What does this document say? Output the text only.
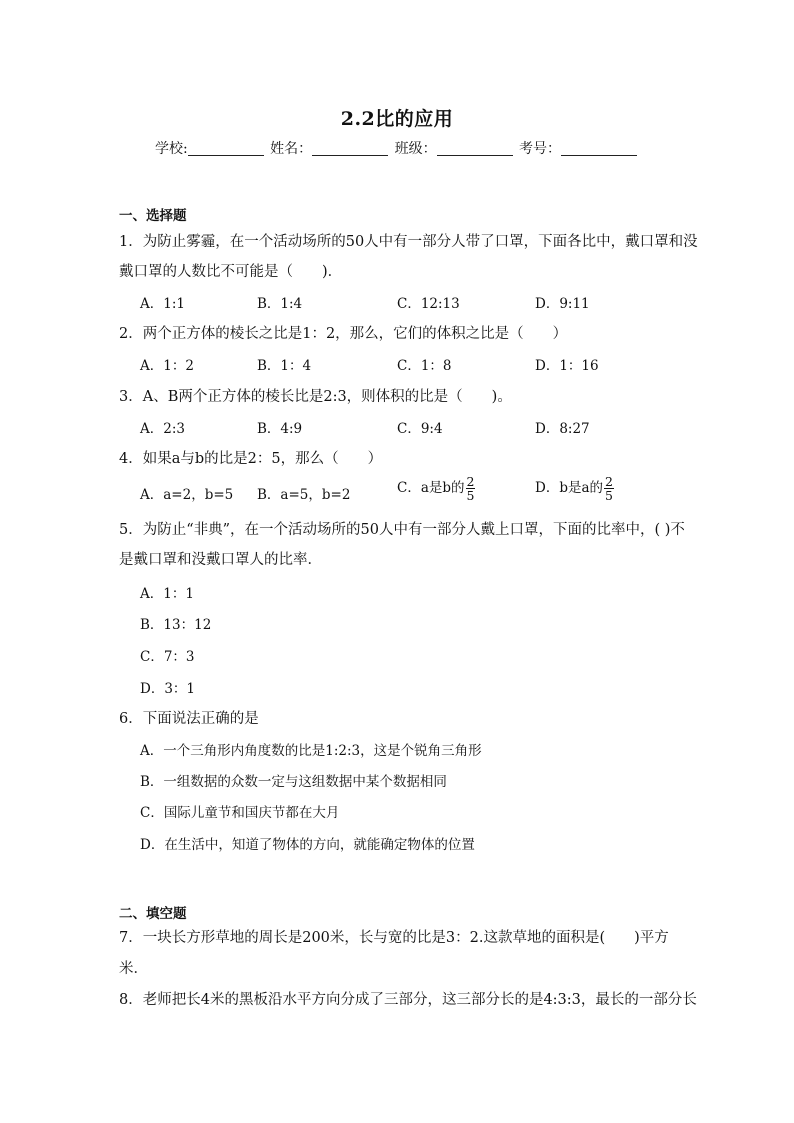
2.2比的应用
学校:	姓名：	班级：	考号：
一、选择题
1．为防止雾霾，在一个活动场所的50人中有一部分人带了口罩，下面各比中，戴口罩和没
戴口罩的人数比不可能是（　　)．
A．1:1	B．1:4	C．12:13	D．9:11
2．两个正方体的棱长之比是1：2，那么，它们的体积之比是（　　）
A．1：2	B．1：4	C．1：8	D．1：16
3．A、B两个正方体的棱长比是2:3，则体积的比是（　　)。
A．2:3	B．4:9	C．9:4	D．8:27
4．如果a与b的比是2：5，那么（　　）
A．a=2，b=5 B．a=5，b=2	C．a是b的 $\frac{2}{5}$	D．b是a的 $\frac{2}{5}$
5．为防止“非典”，在一个活动场所的50人中有一部分人戴上口罩，下面的比率中，( )不
是戴口罩和没戴口罩人的比率．
A．1：1
B．13：12
C．7：3
D．3：1
6．下面说法正确的是
A．一个三角形内角度数的比是1:2:3，这是个锐角三角形
B．一组数据的众数一定与这组数据中某个数据相同
C．国际儿童节和国庆节都在大月
D．在生活中，知道了物体的方向，就能确定物体的位置
二、填空题
7．一块长方形草地的周长是200米，长与宽的比是3：2.这款草地的面积是(　　)平方
米．
8．老师把长4米的黑板沿水平方向分成了三部分，这三部分长的是4:3:3，最长的一部分长
